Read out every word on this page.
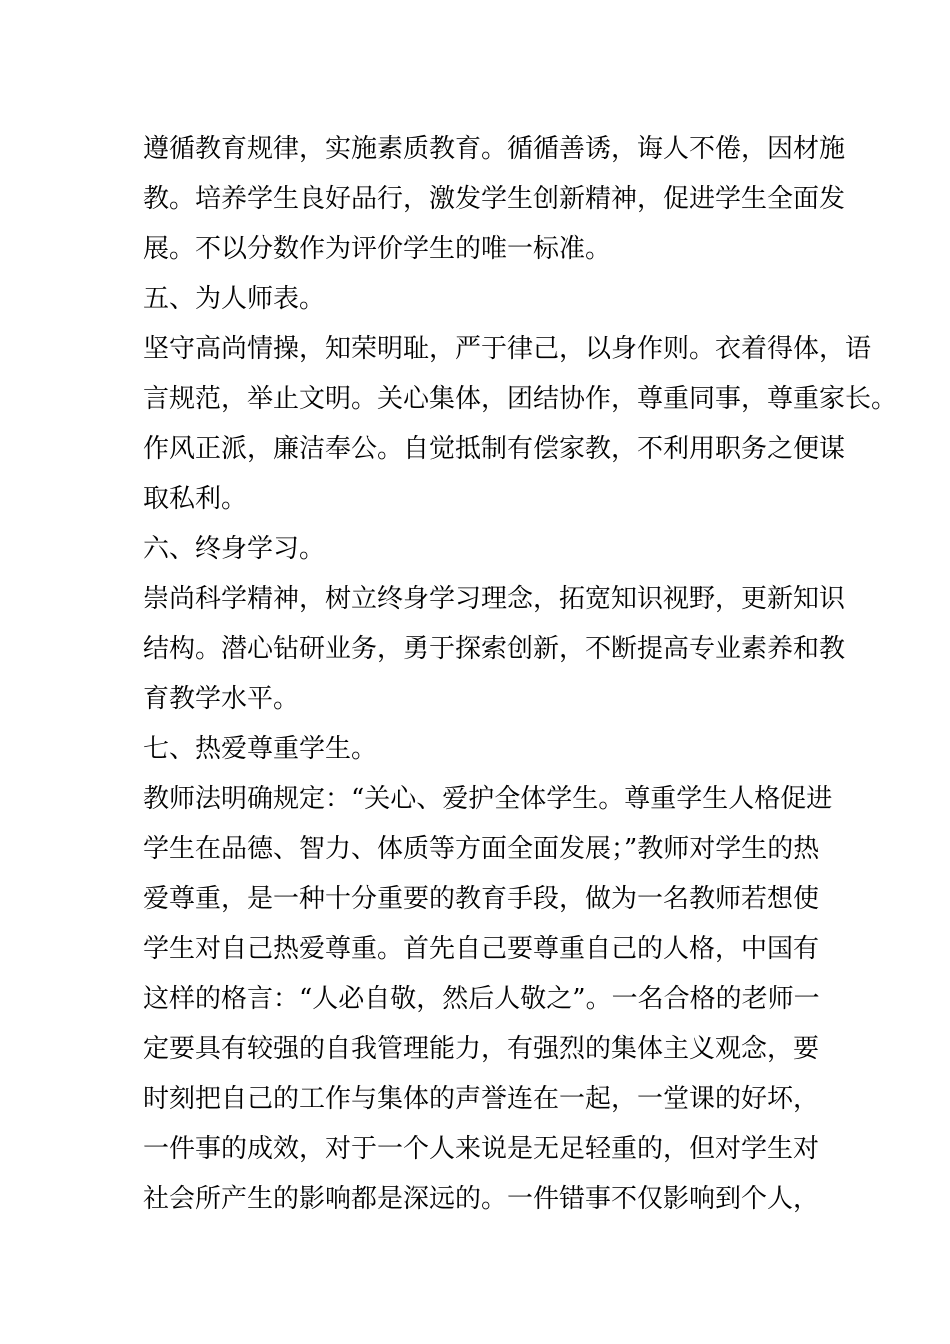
遵循教育规律，实施素质教育。循循善诱，诲人不倦，因材施
教。培养学生良好品行，激发学生创新精神，促进学生全面发
展。不以分数作为评价学生的唯一标准。
五、为人师表。
坚守高尚情操，知荣明耻，严于律己，以身作则。衣着得体，语
言规范，举止文明。关心集体，团结协作，尊重同事，尊重家长。
作风正派，廉洁奉公。自觉抵制有偿家教，不利用职务之便谋
取私利。
六、终身学习。
崇尚科学精神，树立终身学习理念，拓宽知识视野，更新知识
结构。潜心钻研业务，勇于探索创新，不断提高专业素养和教
育教学水平。
七、热爱尊重学生。
教师法明确规定：“关心、爱护全体学生。尊重学生人格促进
学生在品德、智力、体质等方面全面发展；”教师对学生的热
爱尊重，是一种十分重要的教育手段，做为一名教师若想使
学生对自己热爱尊重。首先自己要尊重自己的人格，中国有
这样的格言：“人必自敬，然后人敬之”。一名合格的老师一
定要具有较强的自我管理能力，有强烈的集体主义观念，要
时刻把自己的工作与集体的声誉连在一起，一堂课的好坏，
一件事的成效，对于一个人来说是无足轻重的，但对学生对
社会所产生的影响都是深远的。一件错事不仅影响到个人，
